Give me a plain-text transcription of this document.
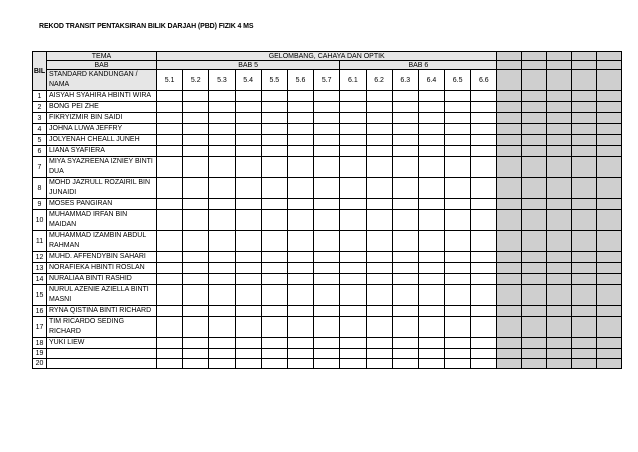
REKOD TRANSIT PENTAKSIRAN BILIK DARJAH (PBD) FIZIK 4 MS
BIL	TEMA	GELOMBANG, CAHAYA DAN OPTIK																	
	BAB	BAB 5							BAB 6										
	STANDARD KANDUNGAN / NAMA	5.1	5.2	5.3	5.4	5.5	5.6	5.7	6.1	6.2	6.3	6.4	6.5	6.6					
1	AISYAH SYAHIRA HBINTI WIRA																		
2	BONG PEI ZHE																		
3	FIKRYIZMIR BIN SAIDI																		
4	JOHNA LUWA JEFFRY																		
5	JOLYENAH CHEALL JUNEH																		
6	LIANA SYAFIERA																		
7	MIYA SYAZREENA IZNIEY BINTI DUA																		
8	MOHD JAZRULL ROZAIRIL BIN JUNAIDI																		
9	MOSES PANGIRAN																		
10	MUHAMMAD IRFAN BIN MAIDAN																		
11	MUHAMMAD IZAMBIN ABDUL RAHMAN																		
12	MUHD. AFFENDYBIN SAHARI																		
13	NORAFIEKA HBINTI ROSLAN																		
14	NURALIAA BINTI RASHID																		
15	NURUL AZENIE AZIELLA BINTI MASNI																		
16	RYNA QISTINA BINTI RICHARD																		
17	TIM RICARDO SEDING RICHARD																		
18	YUKI LIEW																		
19																			
20																			
